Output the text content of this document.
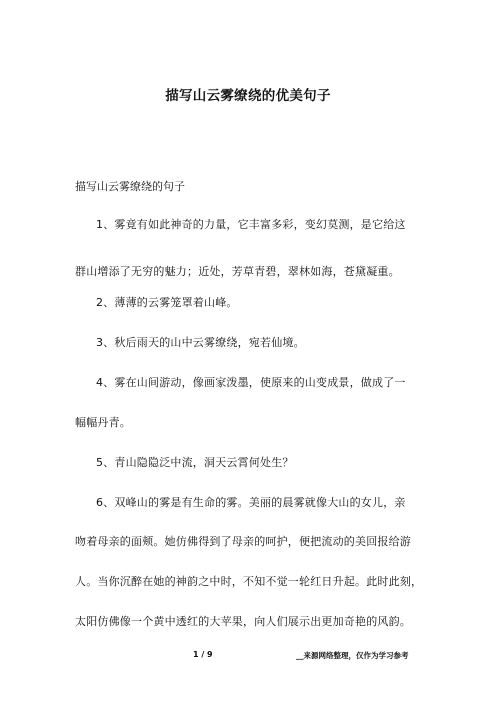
描写山云雾缭绕的优美句子
描写山云雾缭绕的句子
1、雾竟有如此神奇的力量，它丰富多彩，变幻莫测，是它给这
群山增添了无穷的魅力；近处，芳草青碧，翠林如海，苍黛凝重。
2、薄薄的云雾笼罩着山峰。
3、秋后雨天的山中云雾缭绕，宛若仙境。
4、雾在山间游动，像画家泼墨，使原来的山变成景，做成了一
幅幅丹青。
5、青山隐隐泛中流，洞天云霄何处生？
6、双峰山的雾是有生命的雾。美丽的晨雾就像大山的女儿，亲
吻着母亲的面颊。她仿佛得到了母亲的呵护，便把流动的美回报给游
人。当你沉醉在她的神韵之中时，不知不觉一轮红日升起。此时此刻，
太阳仿佛像一个黄中透红的大苹果，向人们展示出更加奇艳的风韵。
1 / 9	__来源网络整理，仅作为学习参考
